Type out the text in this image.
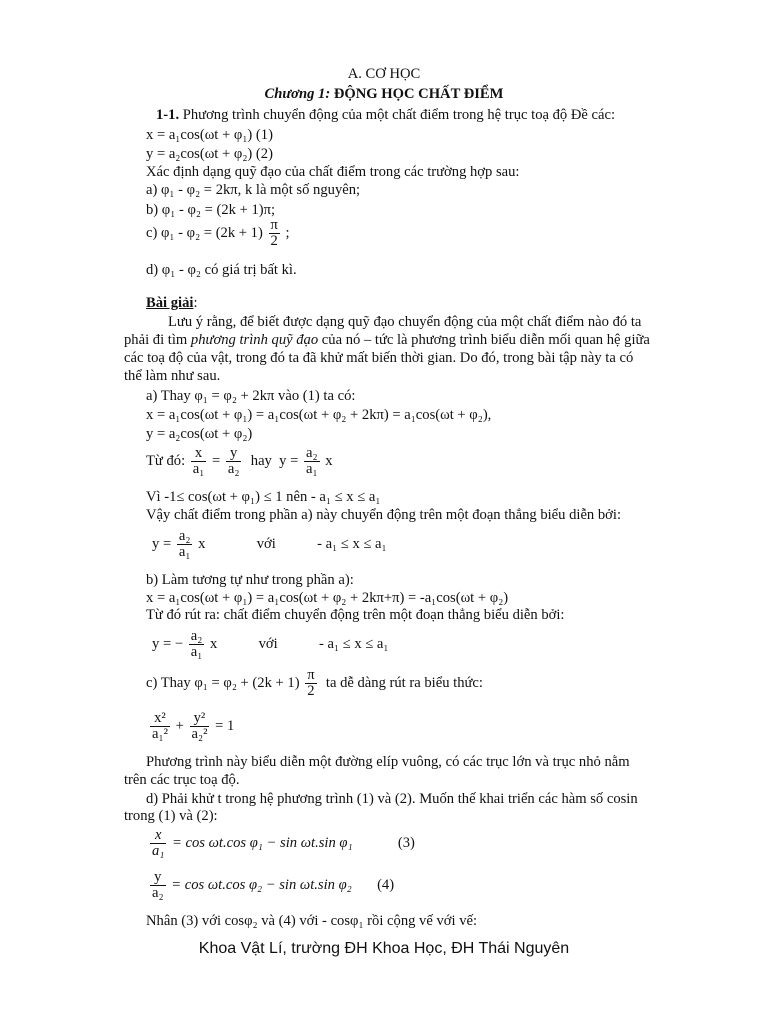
A. CƠ HỌC
Chương 1: ĐỘNG HỌC CHẤT ĐIỂM
1-1. Phương trình chuyển động của một chất điểm trong hệ trục toạ độ Đề các:
x = a₁cos(ωt + φ₁) (1)
y = a₂cos(ωt + φ₂) (2)
Xác định dạng quỹ đạo của chất điểm trong các trường hợp sau:
a) φ₁ - φ₂ = 2kπ, k là một số nguyên;
b) φ₁ - φ₂ = (2k + 1)π;
c) $\varphi_1 - \varphi_2 = (2k + 1) \frac{\pi}{2}$ ;
d) φ₁ - φ₂ có giá trị bất kì.
Bài giải:
Lưu ý rằng, để biết được dạng quỹ đạo chuyển động của một chất điểm nào đó ta
phải đi tìm phương trình quỹ đạo của nó – tức là phương trình biểu diễn mối quan hệ giữa
các toạ độ của vật, trong đó ta đã khử mất biến thời gian. Do đó, trong bài tập này ta có
thể làm như sau.
a) Thay φ₁ = φ₂ + 2kπ vào (1) ta có:
x = a₁cos(ωt + φ₁) = a₁cos(ωt + φ₂ + 2kπ) = a₁cos(ωt + φ₂),
y = a₂cos(ωt + φ₂)
Từ đó: $\frac{x}{\text{a₁}} = \frac{y}{\text{a₂}}$ hay $y = \frac{\text{a₂}}{\text{a₁}}$ x
Vì -1≤ cos(ωt + φ₁) ≤ 1 nên - a₁ ≤ x ≤ a₁
Vậy chất điểm trong phần a) này chuyển động trên một đoạn thẳng biểu diễn bởi:
$y = \frac{\text{a₂}}{\text{a₁}}$ x	với	- a₁ ≤ x ≤ a₁
b) Làm tương tự như trong phần a):
x = a₁cos(ωt + φ₁) = a₁cos(ωt + φ₂ + 2kπ+π) = -a₁cos(ωt + φ₂)
Từ đó rút ra: chất điểm chuyển động trên một đoạn thẳng biểu diễn bởi:
y = − $\frac{\text{a₂}}{\text{a₁}}$ x	với	- a₁ ≤ x ≤ a₁
c) Thay $\varphi_1 = \varphi_2 + (2k + 1) \frac{\pi}{2}$ ta dễ dàng rút ra biểu thức:
$\frac{\text{x²}}{\text{a₁²}} + \frac{\text{y²}}{\text{a₂²}} = 1$
Phương trình này biểu diễn một đường elíp vuông, có các trục lớn và trục nhỏ nằm
trên các trục toạ độ.
d) Phải khử t trong hệ phương trình (1) và (2). Muốn thế khai triển các hàm số cosin
trong (1) và (2):
$\frac{x}{\text{a₁}} = \cos \omega t.\cos$ φ₁ − sin ωt.sin φ₁	(3)
$\frac{y}{\text{a₂}} = \cos \omega t.\cos$ φ₂ − sin ωt.sin φ₂ (4)
Nhân (3) với cosφ₂ và (4) với - cosφ₁ rồi cộng vế với vế:
Khoa Vật Lí, trường ĐH Khoa Học, ĐH Thái Nguyên
